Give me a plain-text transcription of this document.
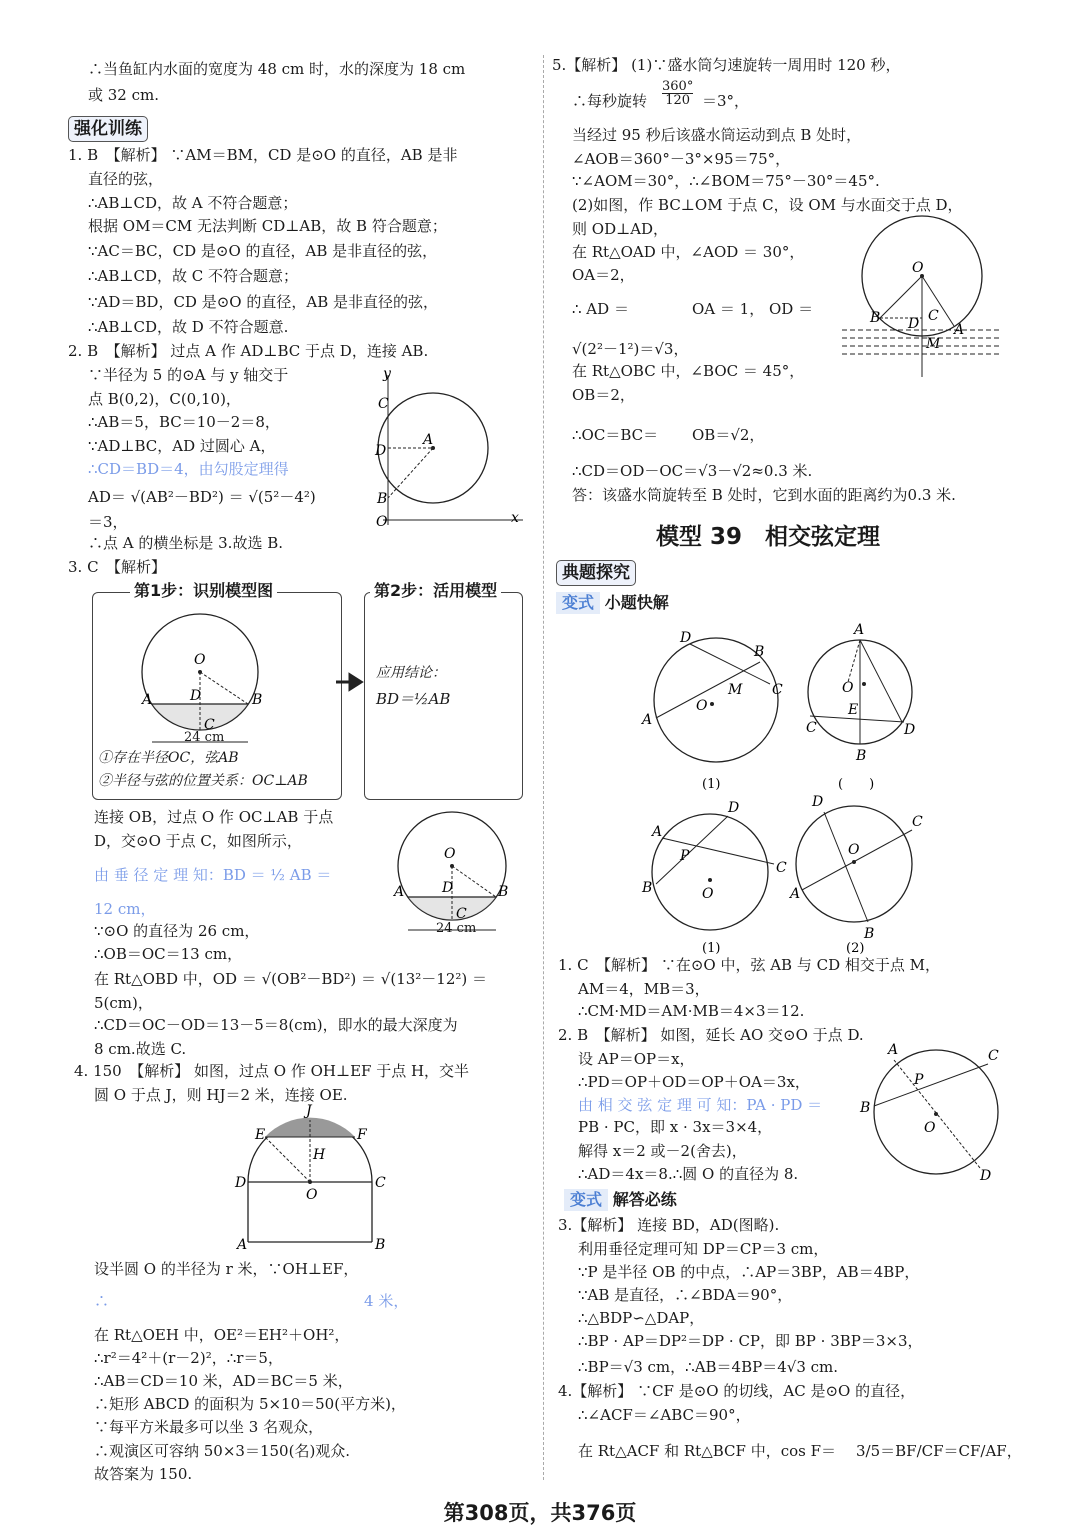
∴当鱼缸内水面的宽度为 48 cm 时，水的深度为 18 cm
或 32 cm.
强化训练
1. B　【解析】 ∵AM＝BM，CD 是⊙O 的直径，AB 是非
直径的弦，
∴AB⊥CD，故 A 不符合题意；
根据 OM＝CM 无法判断 CD⊥AB，故 B 符合题意；
∵AC＝BC，CD 是⊙O 的直径，AB 是非直径的弦，
∴AB⊥CD，故 C 不符合题意；
∵AD＝BD，CD 是⊙O 的直径，AB 是非直径的弦，
∴AB⊥CD，故 D 不符合题意.
2. B　【解析】 过点 A 作 AD⊥BC 于点 D，连接 AB.
∵半径为 5 的⊙A 与 y 轴交于
点 B(0,2)，C(0,10)，
∴AB＝5，BC＝10－2＝8，
∵AD⊥BC，AD 过圆心 A，
∴CD＝BD＝4，由勾股定理得
AD＝ √(AB²－BD²) ＝ √(5²－4²)
＝3，
∴点 A 的横坐标是 3.故选 B.
y
C
D
A
B
O	x
3. C　【解析】
第1步：识别模型图	第2步：活用模型
O
A	B
D
C
24 cm
①存在半径OC，弦AB
②半径与弦的位置关系：OC⊥AB
应用结论：
BD＝½AB
连接 OB，过点 O 作 OC⊥AB 于点
D，交⊙O 于点 C，如图所示，
由 垂 径 定 理 知：BD ＝ ½ AB ＝
12 cm，
∵⊙O 的直径为 26 cm，
∴OB＝OC＝13 cm，
在 Rt△OBD 中，OD ＝ √(OB²－BD²) ＝ √(13²－12²) ＝
5(cm)，
∴CD＝OC－OD＝13－5＝8(cm)，即水的最大深度为
8 cm.故选 C.
O
A	B
D
C
24 cm
4. 150　【解析】 如图，过点 O 作 OH⊥EF 于点 H，交半
圆 O 于点 J，则 HJ＝2 米，连接 OE.
J
E	F
H
O
D	C
A	B
设半圆 O 的半径为 r 米，∵OH⊥EF，
∴　　　　　　　　　　　　　　　　　4 米，
在 Rt△OEH 中，OE²＝EH²＋OH²，
∴r²＝4²＋(r－2)²，∴r＝5，
∴AB＝CD＝10 米，AD＝BC＝5 米，
∴矩形 ABCD 的面积为 5×10＝50(平方米)，
∵每平方米最多可以坐 3 名观众，
∴观演区可容纳 50×3＝150(名)观众.
故答案为 150.
5.【解析】 (1)∵盛水筒匀速旋转一周用时 120 秒，
∴每秒旋转 $\frac{360^\circ}{120} =3^\circ$，
当经过 95 秒后该盛水筒运动到点 B 处时，
∠AOB＝360°－3°×95＝75°，
∵∠AOM＝30°，∴∠BOM＝75°－30°＝45°.
(2)如图，作 BC⊥OM 于点 C，设 OM 与水面交于点 D，
则 OD⊥AD，
在 Rt△OAD 中，∠AOD ＝ 30°，
OA＝2，
∴ AD ＝	OA ＝ 1， OD ＝
√(2²－1²)＝√3，
在 Rt△OBC 中，∠BOC ＝ 45°，
OB＝2，
∴OC＝BC＝ OB＝√2，
∴CD＝OD－OC＝√3－√2≈0.3 米.
答：该盛水筒旋转至 B 处时，它到水面的距离约为0.3 米.
O
B D C
A
M
模型 39　相交弦定理
典题探究
变式 小题快解
D
B
C
A
O
M
A
O
E
C	D
B
(1)	(　　)
A
D
C
B
P
O
D
C
A
O
B
(1)	(2)
1. C　【解析】 ∵在⊙O 中，弦 AB 与 CD 相交于点 M，
AM＝4，MB＝3，
∴CM·MD＝AM·MB＝4×3＝12.
2. B　【解析】 如图，延长 AO 交⊙O 于点 D.
设 AP＝OP＝x，
∴PD＝OP＋OD＝OP＋OA＝3x，
由 相 交 弦 定 理 可 知：PA · PD ＝
PB · PC，即 x · 3x＝3×4，
解得 x＝2 或－2(舍去)，
∴AD＝4x＝8.∴圆 O 的直径为 8.
A	C
P
B
O
D
变式 解答必练
3.【解析】 连接 BD，AD(图略).
利用垂径定理可知 DP＝CP＝3 cm，
∵P 是半径 OB 的中点，∴AP＝3BP，AB＝4BP，
∵AB 是直径，∴∠BDA＝90°，
∴△BDP∽△DAP，
∴BP · AP＝DP²＝DP · CP，即 BP · 3BP＝3×3，
∴BP＝√3 cm，∴AB＝4BP＝4√3 cm.
4.【解析】 ∵CF 是⊙O 的切线，AC 是⊙O 的直径，
∴∠ACF＝∠ABC＝90°，
在 Rt△ACF 和 Rt△BCF 中，cos F＝ 3/5＝BF/CF＝CF/AF，
第308页，共376页
